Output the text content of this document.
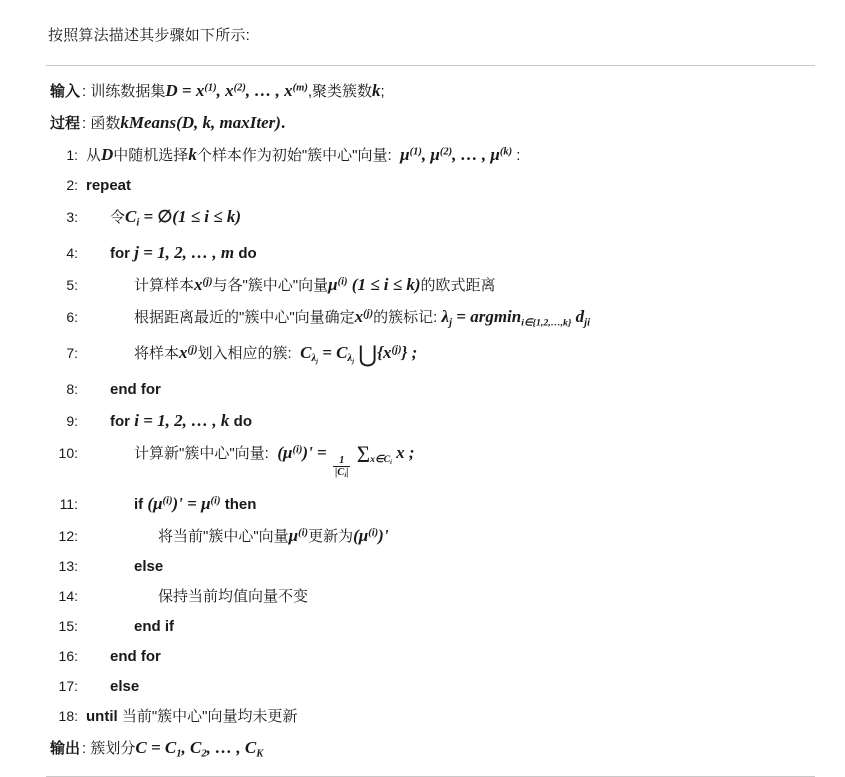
按照算法描述其步骤如下所示:
输入 : 训练数据集 $D = x^{(1)}$, $x^{(2)}$, … , $x^{(m)}$ ,聚类簇数 k ;
过程 : 函数 kMeans(D, k, maxIter) .
1: 从 D 中随机选择 k 个样本作为初始"簇中心"向量: $\mu^{(1)}$, $\mu^{(2)}$, … , $\mu^{(k)}$ :
2: repeat
3:	令 $C_i$ = ∅(1 ≤ i ≤ k)
4:	for j = 1, 2, … , m do
5:	计算样本 $x^{(j)}$ 与各"簇中心"向量 $\mu^{(i)}$ (1 ≤ i ≤ k) 的欧式距离
6:	根据距离最近的"簇中心"向量确定 $x^{(j)}$ 的簇标记: $\lambda_j = argmin_{i\in\{1,2,\dots,k\}}$ $d_{ji}$
7:	将样本 $x^{(j)}$ 划入相应的簇: $C_{\lambda_j} = C_{\lambda_j}$ $⋃\{x^{(j)}\}$ ;
8:	end for
9:	for i = 1, 2, … , k do
10:	计算新"簇中心"向量: $(\mu^{(i)})'$ =
$\frac{1}{|C_i|}$
$\Sigma_{x\in C_i}$ x ;
11:	if $(\mu^{(i)})' = \mu^{(i)}$ then
12:	将当前"簇中心"向量 $\mu^{(i)}$ 更新为 $(\mu^{(i)})'$
13:	else
14:	保持当前均值向量不变
15:	end if
16:	end for
17:	else
18: until
当前"簇中心"向量均未更新
输出 : 簇划分 $C = C_1$, $C_2$, … , $C_K$
